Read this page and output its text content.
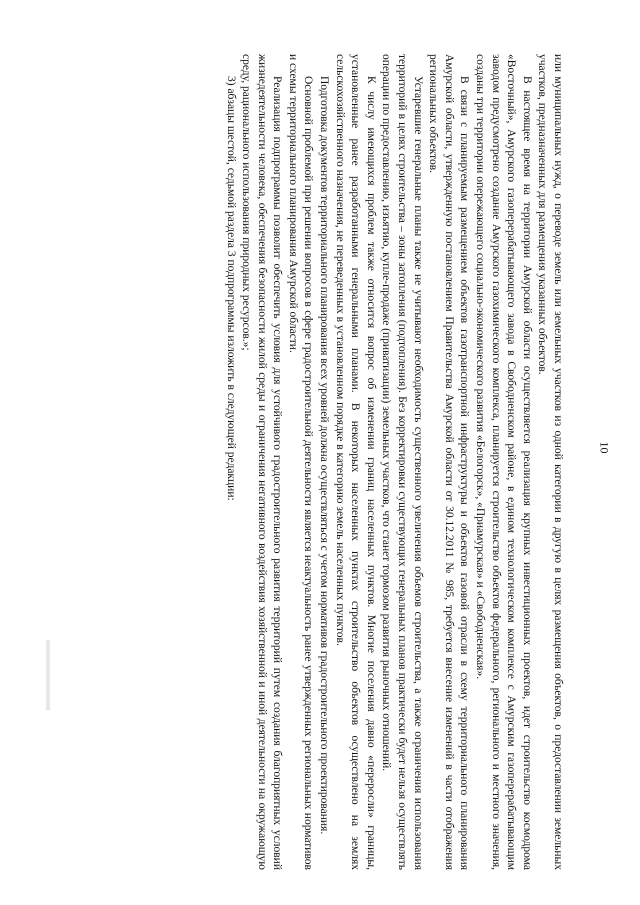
10

или муниципальных нужд, о переводе земель или земельных участков из одной категории в другую в целях размещения объектов, о предоставлении земельных участков, предназначенных для размещения указанных объектов.

В настоящее время на территории Амурской области осуществляется реализация крупных инвестиционных проектов, идет строительство космодрома «Восточный», Амурского газоперерабатывающего завода в Свободненском районе, в едином технологическом комплексе с Амурским газоперерабатывающим заводом предусмотрено создание Амурского газохимического комплекса, планируется строительство объектов федерального, регионального и местного значения, созданы три территории опережающего социально-экономического развития «Белогорск», «Приамурская» и «Свободненская».

В связи с планируемым размещением объектов газотранспортной инфраструктуры и объектов газовой отрасли в схему территориального планирования Амурской области, утвержденную постановлением Правительства Амурской области от 30.12.2011 № 985, требуется внесение изменений в части отображения региональных объектов.

Устаревшие генеральные планы также не учитывают необходимость существенного увеличения объемов строительства, а также ограничения использования территорий в целях строительства – зоны затопления (подтопления). Без корректировки существующих генеральных планов практически будет нельзя осуществлять операции по предоставлению, изъятию, купле-продаже (приватизации) земельных участков, что станет тормозом развития рыночных отношений.

К числу имеющихся проблем также относится вопрос об изменении границ населенных пунктов. Многие поселения давно «переросли» границы, установленные ранее разработанными генеральными планами. В некоторых населенных пунктах строительство объектов осуществлено на землях сельскохозяйственного назначения, не переведенных в установленном порядке в категорию земель населенных пунктов.

Подготовка документов территориального планирования всех уровней должна осуществляться с учетом нормативов градостроительного проектирования.

Основной проблемой при решении вопросов в сфере градостроительной деятельности является неактуальность ранее утвержденных региональных нормативов и схемы территориального планирования Амурской области.

Реализация подпрограммы позволит обеспечить условия для устойчивого градостроительного развития территорий путем создания благоприятных условий жизнедеятельности человека, обеспечения безопасности жилой среды и ограничения негативного воздействия хозяйственной и иной деятельности на окружающую среду, рационального использования природных ресурсов.»;

3) абзацы шестой, седьмой раздела 3 подпрограммы изложить в следующей редакции:
